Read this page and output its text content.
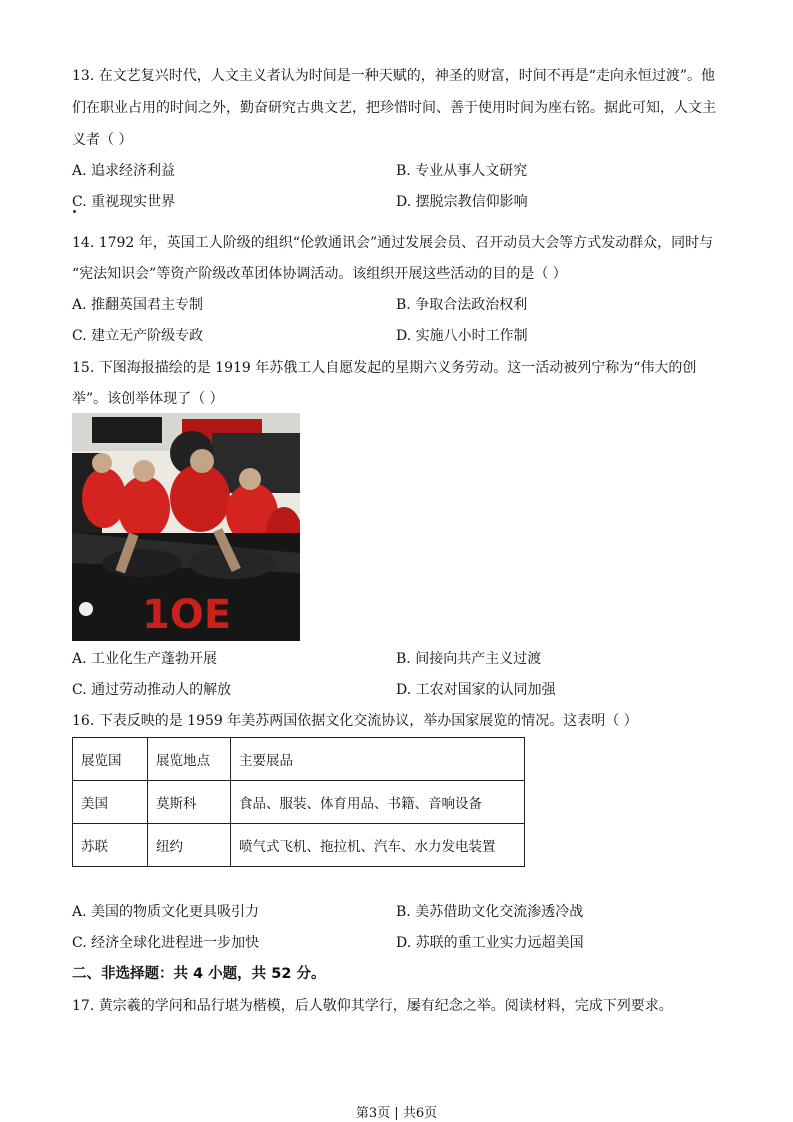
13. 在文艺复兴时代，人文主义者认为时间是一种天赋的，神圣的财富，时间不再是“走向永恒过渡”。他
们在职业占用的时间之外，勤奋研究古典文艺，把珍惜时间、善于使用时间为座右铭。据此可知，人文主
义者（ ）
A. 追求经济利益	B. 专业从事人文研究
C. 重视现实世界	D. 摆脱宗教信仰影响
14. 1792 年，英国工人阶级的组织“伦敦通讯会”通过发展会员、召开动员大会等方式发动群众，同时与
“宪法知识会”等资产阶级改革团体协调活动。该组织开展这些活动的目的是（ ）
A. 推翻英国君主专制	B. 争取合法政治权利
C. 建立无产阶级专政	D. 实施八小时工作制
15. 下图海报描绘的是 1919 年苏俄工人自愿发起的星期六义务劳动。这一活动被列宁称为“伟大的创
举”。该创举体现了（ ）
1ОЕ
A. 工业化生产蓬勃开展	B. 间接向共产主义过渡
C. 通过劳动推动人的解放	D. 工农对国家的认同加强
16. 下表反映的是 1959 年美苏两国依据文化交流协议，举办国家展览的情况。这表明（ ）
展览国	展览地点	主要展品
美国	莫斯科	食品、服装、体育用品、书籍、音响设备
苏联	纽约	喷气式飞机、拖拉机、汽车、水力发电装置
A. 美国的物质文化更具吸引力	B. 美苏借助文化交流渗透冷战
C. 经济全球化进程进一步加快	D. 苏联的重工业实力远超美国
二、非选择题：共 4 小题，共 52 分。
17. 黄宗羲的学问和品行堪为楷模，后人敬仰其学行，屡有纪念之举。阅读材料，完成下列要求。
第3页 | 共6页
